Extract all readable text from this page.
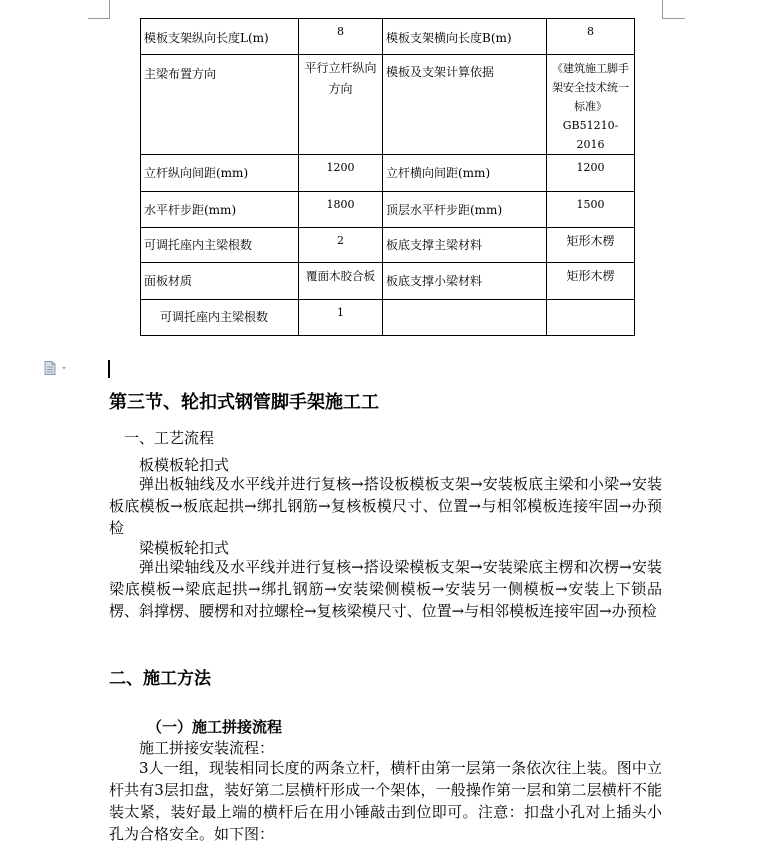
模板支架纵向长度L(m)	8	模板支架横向长度B(m)	8
主梁布置方向	平行立杆纵向方向	模板及支架计算依据	《建筑施工脚手架安全技术统一标准》GB51210-2016
立杆纵向间距(mm)	1200	立杆横向间距(mm)	1200
水平杆步距(mm)	1800	顶层水平杆步距(mm)	1500
可调托座内主梁根数	2	板底支撑主梁材料	矩形木楞
面板材质	覆面木胶合板	板底支撑小梁材料	矩形木楞
可调托座内主梁根数	1		
第三节、轮扣式钢管脚手架施工工
一、工艺流程
板模板轮扣式

弹出板轴线及水平线并进行复核→搭设板模板支架→安装板底主梁和小梁→安装板底模板→板底起拱→绑扎钢筋→复核板模尺寸、位置→与相邻模板连接牢固→办预检

梁模板轮扣式

弹出梁轴线及水平线并进行复核→搭设梁模板支架→安装梁底主楞和次楞→安装梁底模板→梁底起拱→绑扎钢筋→安装梁侧模板→安装另一侧模板→安装上下锁品楞、斜撑楞、腰楞和对拉螺栓→复核梁模尺寸、位置→与相邻模板连接牢固→办预检

二、施工方法
（一）施工拼接流程
施工拼接安装流程：

3人一组，现装相同长度的两条立杆，横杆由第一层第一条依次往上装。图中立杆共有3层扣盘，装好第二层横杆形成一个架体，一般操作第一层和第二层横杆不能装太紧，装好最上端的横杆后在用小锤敲击到位即可。注意：扣盘小孔对上插头小孔为合格安全。如下图：
